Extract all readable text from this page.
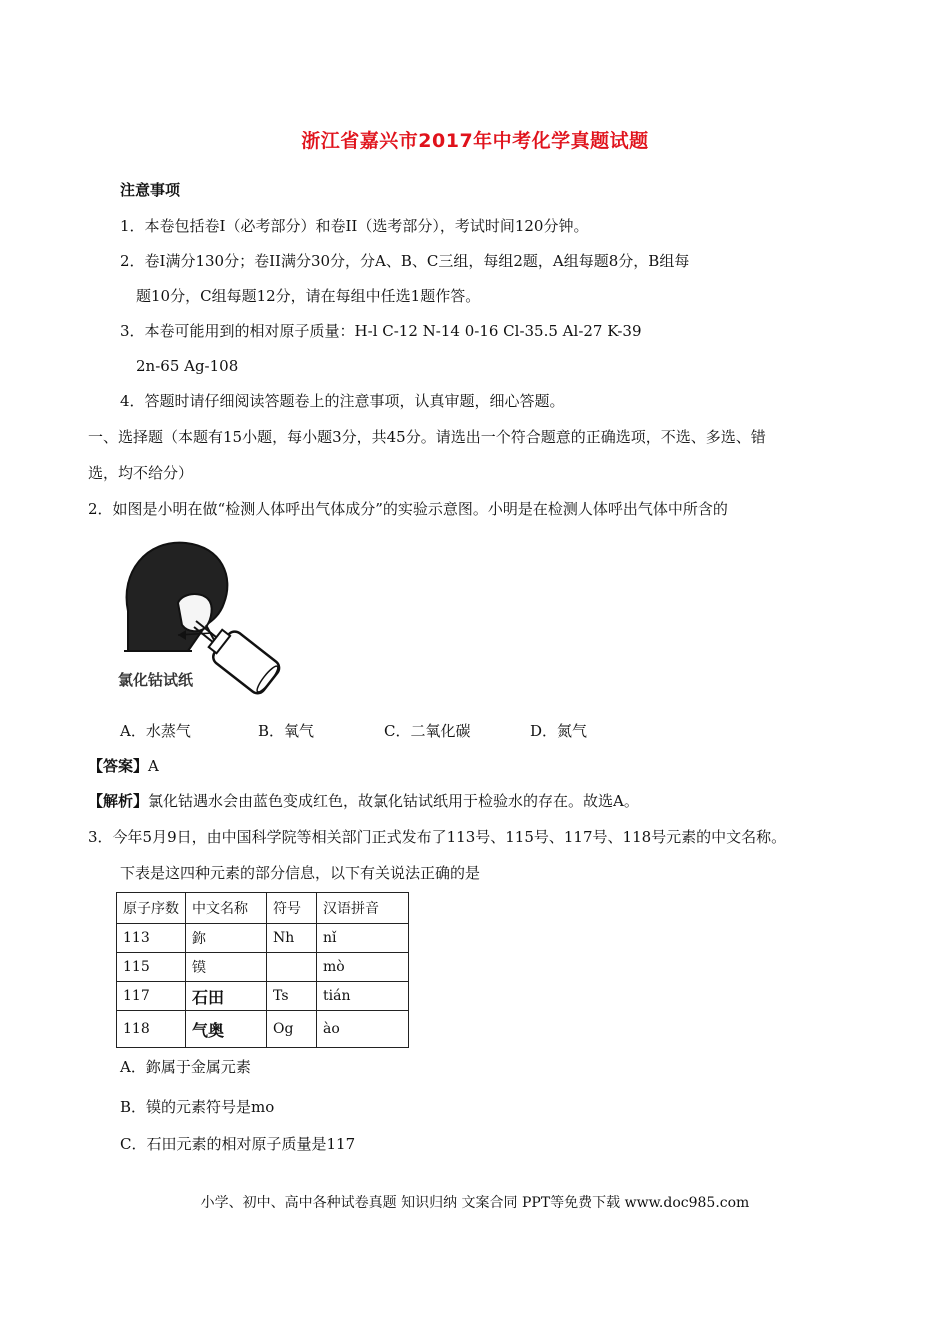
浙江省嘉兴市2017年中考化学真题试题
注意事项
1．本卷包括卷I（必考部分）和卷II（选考部分），考试时间120分钟。
2．卷I满分130分；卷II满分30分，分A、B、C三组，每组2题，A组每题8分，B组每
题10分，C组每题12分，请在每组中任选1题作答。
3．本卷可能用到的相对原子质量：H-l C-12 N-14 0-16 Cl-35.5 Al-27 K-39
2n-65 Ag-108
4．答题时请仔细阅读答题卷上的注意事项，认真审题，细心答题。
一、选择题（本题有15小题，每小题3分，共45分。请选出一个符合题意的正确选项，不选、多选、错
选，均不给分）
2．如图是小明在做“检测人体呼出气体成分”的实验示意图。小明是在检测人体呼出气体中所含的
氯化钴试纸
A．水蒸气	B．氧气	C．二氧化碳	D．氮气
【答案】A
【解析】氯化钴遇水会由蓝色变成红色，故氯化钴试纸用于检验水的存在。故选A。
3．今年5月9日，由中国科学院等相关部门正式发布了113号、115号、117号、118号元素的中文名称。
下表是这四种元素的部分信息，以下有关说法正确的是
原子序数	中文名称	符号	汉语拼音
113	鉨	Nh	nǐ
115	镆		mò
117	石田	Ts	tián
118	气奥	Og	ào
A．鉨属于金属元素
B．镆的元素符号是mo
C．石田元素的相对原子质量是117
小学、初中、高中各种试卷真题 知识归纳 文案合同 PPT等免费下载 www.doc985.com
